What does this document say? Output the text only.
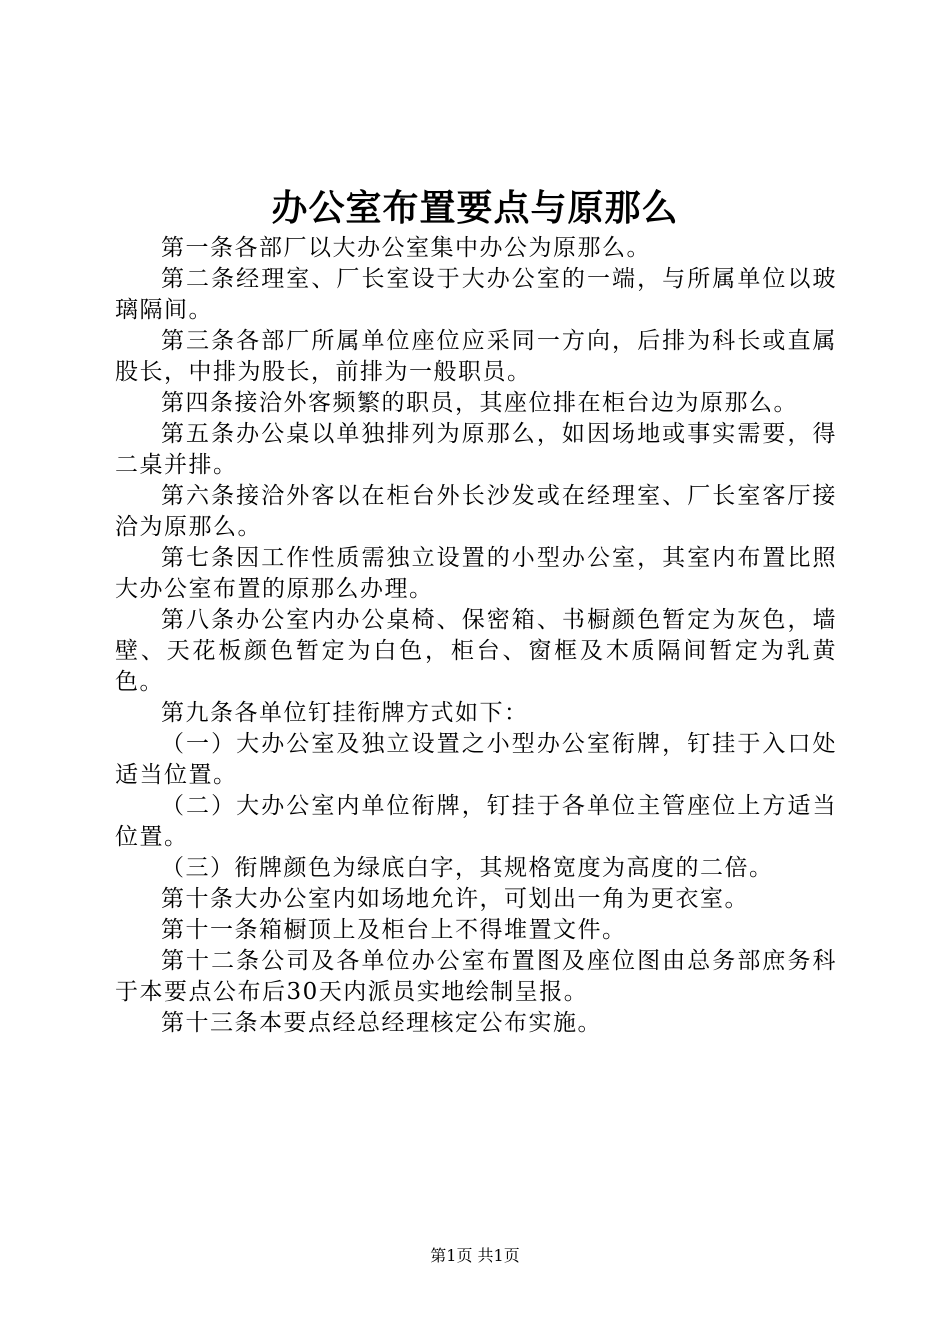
办公室布置要点与原那么

第一条各部厂以大办公室集中办公为原那么。

第二条经理室、厂长室设于大办公室的一端，与所属单位以玻璃隔间。

第三条各部厂所属单位座位应采同一方向，后排为科长或直属股长，中排为股长，前排为一般职员。

第四条接洽外客频繁的职员，其座位排在柜台边为原那么。

第五条办公桌以单独排列为原那么，如因场地或事实需要，得二桌并排。

第六条接洽外客以在柜台外长沙发或在经理室、厂长室客厅接洽为原那么。

第七条因工作性质需独立设置的小型办公室，其室内布置比照大办公室布置的原那么办理。

第八条办公室内办公桌椅、保密箱、书橱颜色暂定为灰色，墙壁、天花板颜色暂定为白色，柜台、窗框及木质隔间暂定为乳黄色。

第九条各单位钉挂衔牌方式如下：

（一）大办公室及独立设置之小型办公室衔牌，钉挂于入口处适当位置。

（二）大办公室内单位衔牌，钉挂于各单位主管座位上方适当位置。

（三）衔牌颜色为绿底白字，其规格宽度为高度的二倍。

第十条大办公室内如场地允许，可划出一角为更衣室。

第十一条箱橱顶上及柜台上不得堆置文件。

第十二条公司及各单位办公室布置图及座位图由总务部庶务科于本要点公布后30天内派员实地绘制呈报。

第十三条本要点经总经理核定公布实施。

第1页 共1页
